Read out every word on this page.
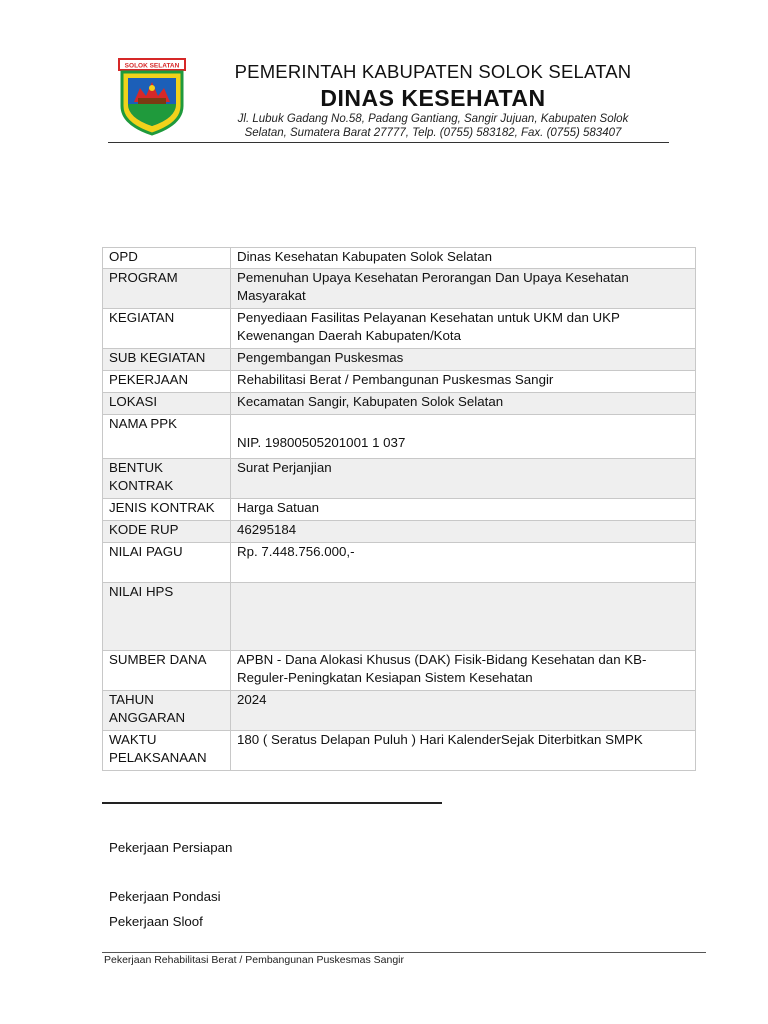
SOLOK SELATAN	PEMERINTAH KABUPATEN SOLOK SELATAN
DINAS KESEHATAN
Jl. Lubuk Gadang No.58, Padang Gantiang, Sangir Jujuan, Kabupaten Solok
Selatan, Sumatera Barat 27777, Telp. (0755) 583182, Fax. (0755) 583407
OPD	Dinas Kesehatan Kabupaten Solok Selatan
PROGRAM	Pemenuhan Upaya Kesehatan Perorangan Dan Upaya Kesehatan Masyarakat
KEGIATAN	Penyediaan Fasilitas Pelayanan Kesehatan untuk UKM dan UKP Kewenangan Daerah Kabupaten/Kota
SUB KEGIATAN	Pengembangan Puskesmas
PEKERJAAN	Rehabilitasi Berat / Pembangunan Puskesmas Sangir
LOKASI	Kecamatan Sangir, Kabupaten Solok Selatan
NAMA PPK	NIP. 19800505201001 1 037
BENTUK KONTRAK	Surat Perjanjian
JENIS KONTRAK	Harga Satuan
KODE RUP	46295184
NILAI PAGU	Rp. 7.448.756.000,-
NILAI HPS	
SUMBER DANA	APBN - Dana Alokasi Khusus (DAK) Fisik-Bidang Kesehatan dan KB-Reguler-Peningkatan Kesiapan Sistem Kesehatan
TAHUN ANGGARAN	2024
WAKTU PELAKSANAAN	180 ( Seratus Delapan Puluh ) Hari KalenderSejak Diterbitkan SMPK
Pekerjaan Persiapan
Pekerjaan Pondasi
Pekerjaan Sloof
Pekerjaan Rehabilitasi Berat / Pembangunan Puskesmas Sangir
